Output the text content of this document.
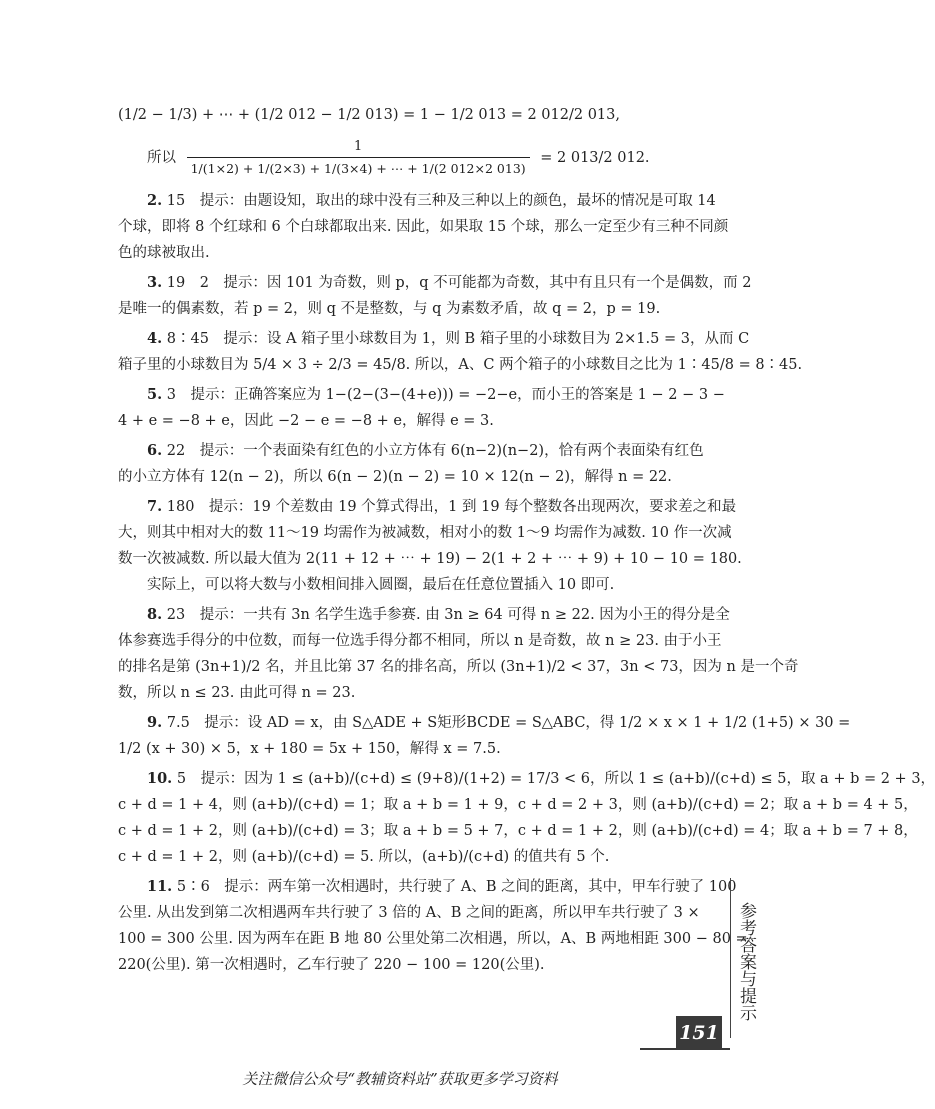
(1/2 − 1/3) + ⋯ + (1/2 012 − 1/2 013) = 1 − 1/2 013 = 2 012/2 013,
所以 $\frac{1}{1/(1\times 2) + 1/(2\times 3) + 1/(3\times 4) + \cdots + 1/(2 012\times 2 013)} = 2$ 013/2 012.
2. 15　提示：由题设知，取出的球中没有三种及三种以上的颜色，最坏的情况是可取 14
个球，即将 8 个红球和 6 个白球都取出来. 因此，如果取 15 个球，那么一定至少有三种不同颜
色的球被取出.
3. 19　2　提示：因 101 为奇数，则 p，q 不可能都为奇数，其中有且只有一个是偶数，而 2
是唯一的偶素数，若 p = 2，则 q 不是整数，与 q 为素数矛盾，故 q = 2，p = 19.
4. 8∶45　提示：设 A 箱子里小球数目为 1，则 B 箱子里的小球数目为 2×1.5 = 3，从而 C
箱子里的小球数目为 5/4 × 3 ÷ 2/3 = 45/8. 所以，A、C 两个箱子的小球数目之比为 1∶45/8 = 8∶45.
5. 3　提示：正确答案应为 1−(2−(3−(4+e))) = −2−e，而小王的答案是 1 − 2 − 3 −
4 + e = −8 + e，因此 −2 − e = −8 + e，解得 e = 3.
6. 22　提示：一个表面染有红色的小立方体有 6(n−2)(n−2)，恰有两个表面染有红色
的小立方体有 12(n − 2)，所以 6(n − 2)(n − 2) = 10 × 12(n − 2)，解得 n = 22.
7. 180　提示：19 个差数由 19 个算式得出，1 到 19 每个整数各出现两次，要求差之和最
大，则其中相对大的数 11～19 均需作为被减数，相对小的数 1～9 均需作为减数. 10 作一次减
数一次被减数. 所以最大值为 2(11 + 12 + ⋯ + 19) − 2(1 + 2 + ⋯ + 9) + 10 − 10 = 180.
实际上，可以将大数与小数相间排入圆圈，最后在任意位置插入 10 即可.
8. 23　提示：一共有 3n 名学生选手参赛. 由 3n ≥ 64 可得 n ≥ 22. 因为小王的得分是全
体参赛选手得分的中位数，而每一位选手得分都不相同，所以 n 是奇数，故 n ≥ 23. 由于小王
的排名是第 (3n+1)/2 名，并且比第 37 名的排名高，所以 (3n+1)/2 < 37，3n < 73，因为 n 是一个奇
数，所以 n ≤ 23. 由此可得 n = 23.
9. 7.5　提示：设 AD = x，由 S△ADE + S矩形BCDE = S△ABC，得 1/2 × x × 1 + 1/2 (1+5) × 30 =
1/2 (x + 30) × 5，x + 180 = 5x + 150，解得 x = 7.5.
10. 5　提示：因为 1 ≤ (a+b)/(c+d) ≤ (9+8)/(1+2) = 17/3 < 6，所以 1 ≤ (a+b)/(c+d) ≤ 5，取 a + b = 2 + 3，
c + d = 1 + 4，则 (a+b)/(c+d) = 1；取 a + b = 1 + 9，c + d = 2 + 3，则 (a+b)/(c+d) = 2；取 a + b = 4 + 5，
c + d = 1 + 2，则 (a+b)/(c+d) = 3；取 a + b = 5 + 7，c + d = 1 + 2，则 (a+b)/(c+d) = 4；取 a + b = 7 + 8，
c + d = 1 + 2，则 (a+b)/(c+d) = 5. 所以，(a+b)/(c+d) 的值共有 5 个.
11. 5∶6　提示：两车第一次相遇时，共行驶了 A、B 之间的距离，其中，甲车行驶了 100
公里. 从出发到第二次相遇两车共行驶了 3 倍的 A、B 之间的距离，所以甲车共行驶了 3 ×
100 = 300 公里. 因为两车在距 B 地 80 公里处第二次相遇，所以，A、B 两地相距 300 − 80 =
220(公里). 第一次相遇时，乙车行驶了 220 − 100 = 120(公里).	参考答案与提示
151
关注微信公众号“教辅资料站”获取更多学习资料
